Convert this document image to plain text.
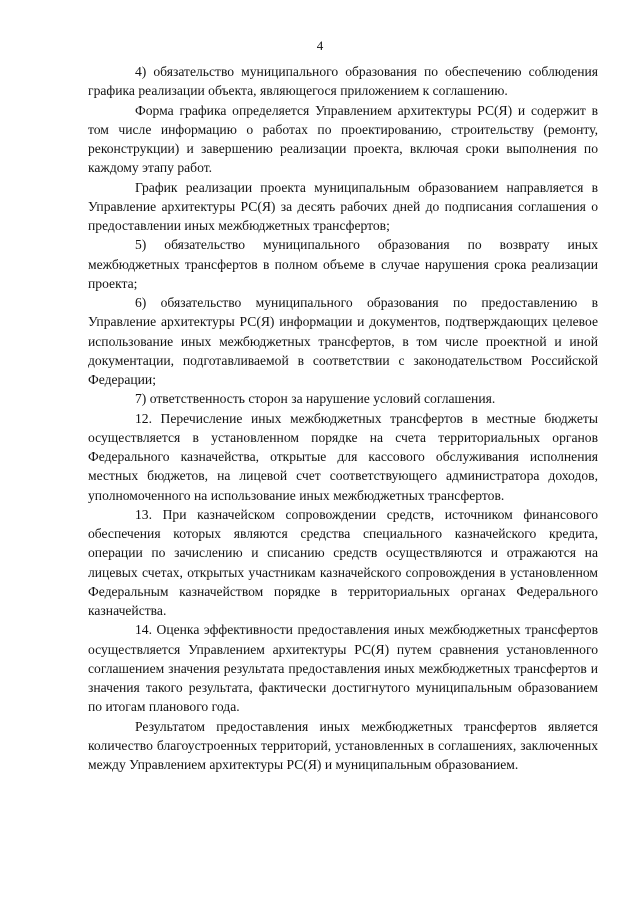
4

4) обязательство муниципального образования по обеспечению соблюдения графика реализации объекта, являющегося приложением к соглашению.

Форма графика определяется Управлением архитектуры РС(Я) и содержит в том числе информацию о работах по проектированию, строительству (ремонту, реконструкции) и завершению реализации проекта, включая сроки выполнения по каждому этапу работ.

График реализации проекта муниципальным образованием направляется в Управление архитектуры РС(Я) за десять рабочих дней до подписания соглашения о предоставлении иных межбюджетных трансфертов;

5) обязательство муниципального образования по возврату иных межбюджетных трансфертов в полном объеме в случае нарушения срока реализации проекта;

6) обязательство муниципального образования по предоставлению в Управление архитектуры РС(Я) информации и документов, подтверждающих целевое использование иных межбюджетных трансфертов, в том числе проектной и иной документации, подготавливаемой в соответствии с законодательством Российской Федерации;

7) ответственность сторон за нарушение условий соглашения.

12. Перечисление иных межбюджетных трансфертов в местные бюджеты осуществляется в установленном порядке на счета территориальных органов Федерального казначейства, открытые для кассового обслуживания исполнения местных бюджетов, на лицевой счет соответствующего администратора доходов, уполномоченного на использование иных межбюджетных трансфертов.

13. При казначейском сопровождении средств, источником финансового обеспечения которых являются средства специального казначейского кредита, операции по зачислению и списанию средств осуществляются и отражаются на лицевых счетах, открытых участникам казначейского сопровождения в установленном Федеральным казначейством порядке в территориальных органах Федерального казначейства.

14. Оценка эффективности предоставления иных межбюджетных трансфертов осуществляется Управлением архитектуры РС(Я) путем сравнения установленного соглашением значения результата предоставления иных межбюджетных трансфертов и значения такого результата, фактически достигнутого муниципальным образованием по итогам планового года.

Результатом предоставления иных межбюджетных трансфертов является количество благоустроенных территорий, установленных в соглашениях, заключенных между Управлением архитектуры РС(Я) и муниципальным образованием.
